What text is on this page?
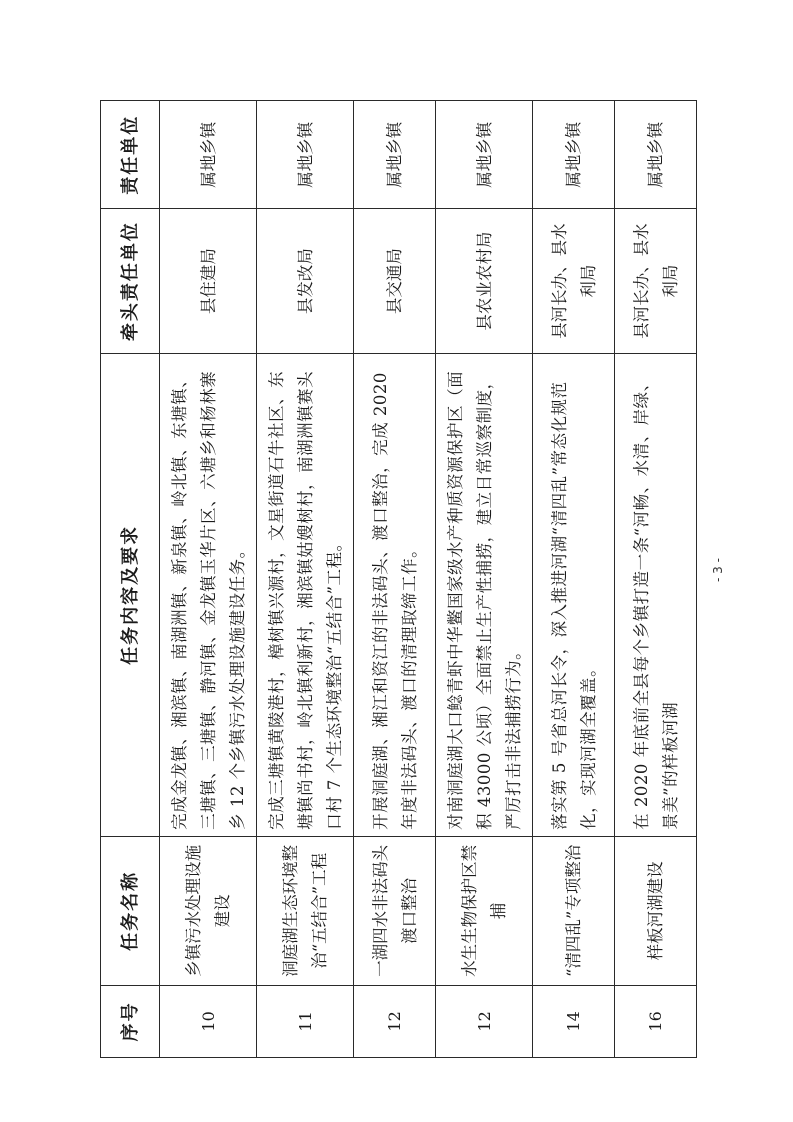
序号	任务名称	任务内容及要求	牵头责任单位	责任单位
10	乡镇污水处理设施建设	完成金龙镇、湘滨镇、南湖洲镇、新泉镇、岭北镇、东塘镇、三塘镇、三塘镇、静河镇、金龙镇玉华片区、六塘乡和杨林寨乡 12 个乡镇污水处理设施建设任务。	县住建局	属地乡镇
11	洞庭湖生态环境整治“五结合”工程	完成三塘镇黄陵港村，樟树镇兴源村，文星街道石牛社区、东塘镇尚书村，岭北镇利新村，湘滨镇姑嫂树村，南湖洲镇赛头口村 7 个生态环境整治“五结合”工程。	县发改局	属地乡镇
12	一湖四水非法码头渡口整治	开展洞庭湖、湘江和资江的非法码头、渡口整治，完成 2020 年度非法码头、渡口的清理取缔工作。	县交通局	属地乡镇
12	水生生物保护区禁捕	对南洞庭湖大口鲶青虾中华鳖国家级水产种质资源保护区（面积 43000 公顷）全面禁止生产性捕捞，建立日常巡察制度，严厉打击非法捕捞行为。	县农业农村局	属地乡镇
14	“清四乱”专项整治	落实第 5 号省总河长令，深入推进河湖“清四乱”常态化规范化，实现河湖全覆盖。	县河长办、县水利局	属地乡镇
16	样板河湖建设	在 2020 年底前全县每个乡镇打造一条“河畅、水清、岸绿、景美”的样板河湖	县河长办、县水利局	属地乡镇
- 3 -
